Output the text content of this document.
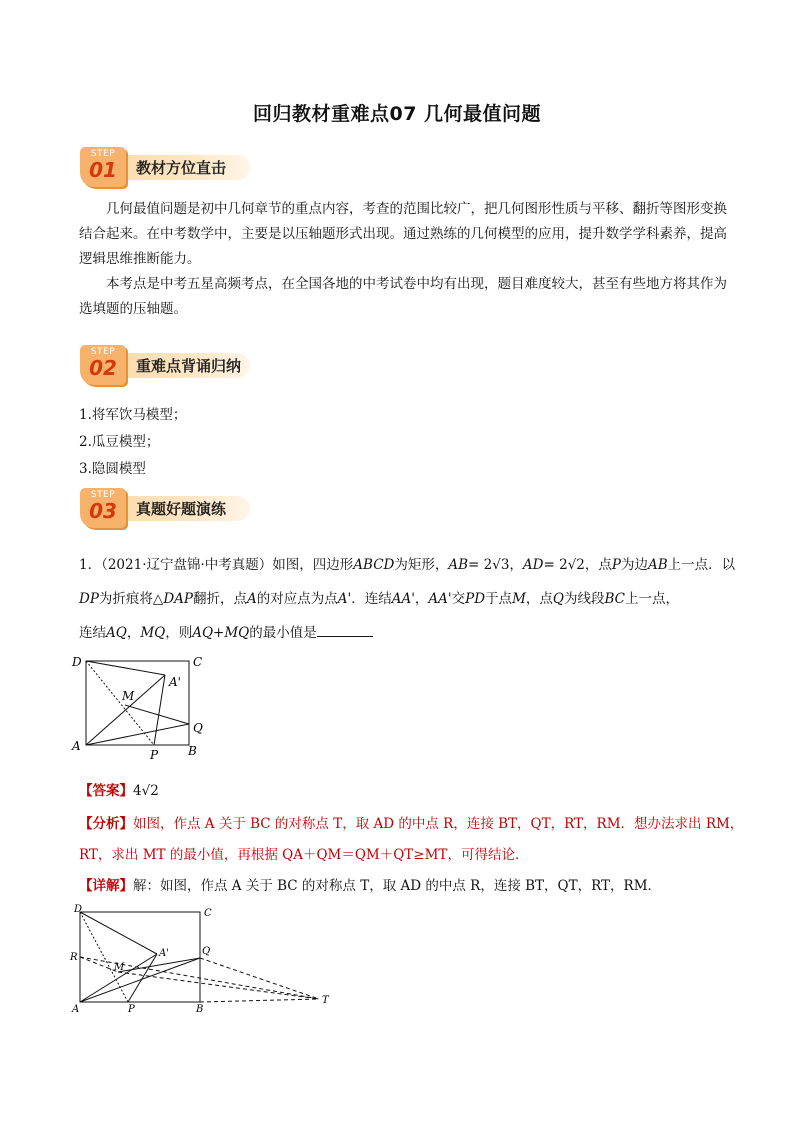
回归教材重难点07 几何最值问题
STEP
01	教材方位直击

几何最值问题是初中几何章节的重点内容，考查的范围比较广，把几何图形性质与平移、翻折等图形变换结合起来。在中考数学中，主要是以压轴题形式出现。通过熟练的几何模型的应用，提升数学学科素养，提高逻辑思维推断能力。

本考点是中考五星高频考点，在全国各地的中考试卷中均有出现，题目难度较大，甚至有些地方将其作为选填题的压轴题。

STEP
02	重难点背诵归纳
1.将军饮马模型；
2.瓜豆模型；
3.隐圆模型
STEP
03	真题好题演练
1．（2021·辽宁盘锦·中考真题）如图，四边形ABCD为矩形，AB= 2√3，AD= 2√2，点P为边AB上一点．以DP为折痕将△DAP翻折，点A的对应点为点A'．连结AA'，AA'交PD于点M，点Q为线段BC上一点，
连结AQ，MQ，则AQ+MQ的最小值是
D	C
A'
M
Q
A
P B
【答案】4√2
【分析】如图，作点 A 关于 BC 的对称点 T，取 AD 的中点 R，连接 BT，QT，RT，RM．想办法求出 RM，
RT，求出 MT 的最小值，再根据 QA＋QM＝QM＋QT≥MT，可得结论．
【详解】解：如图，作点 A 关于 BC 的对称点 T，取 AD 的中点 R，连接 BT，QT，RT，RM．
D	C
A'	Q
R
M
A	P	B
T
